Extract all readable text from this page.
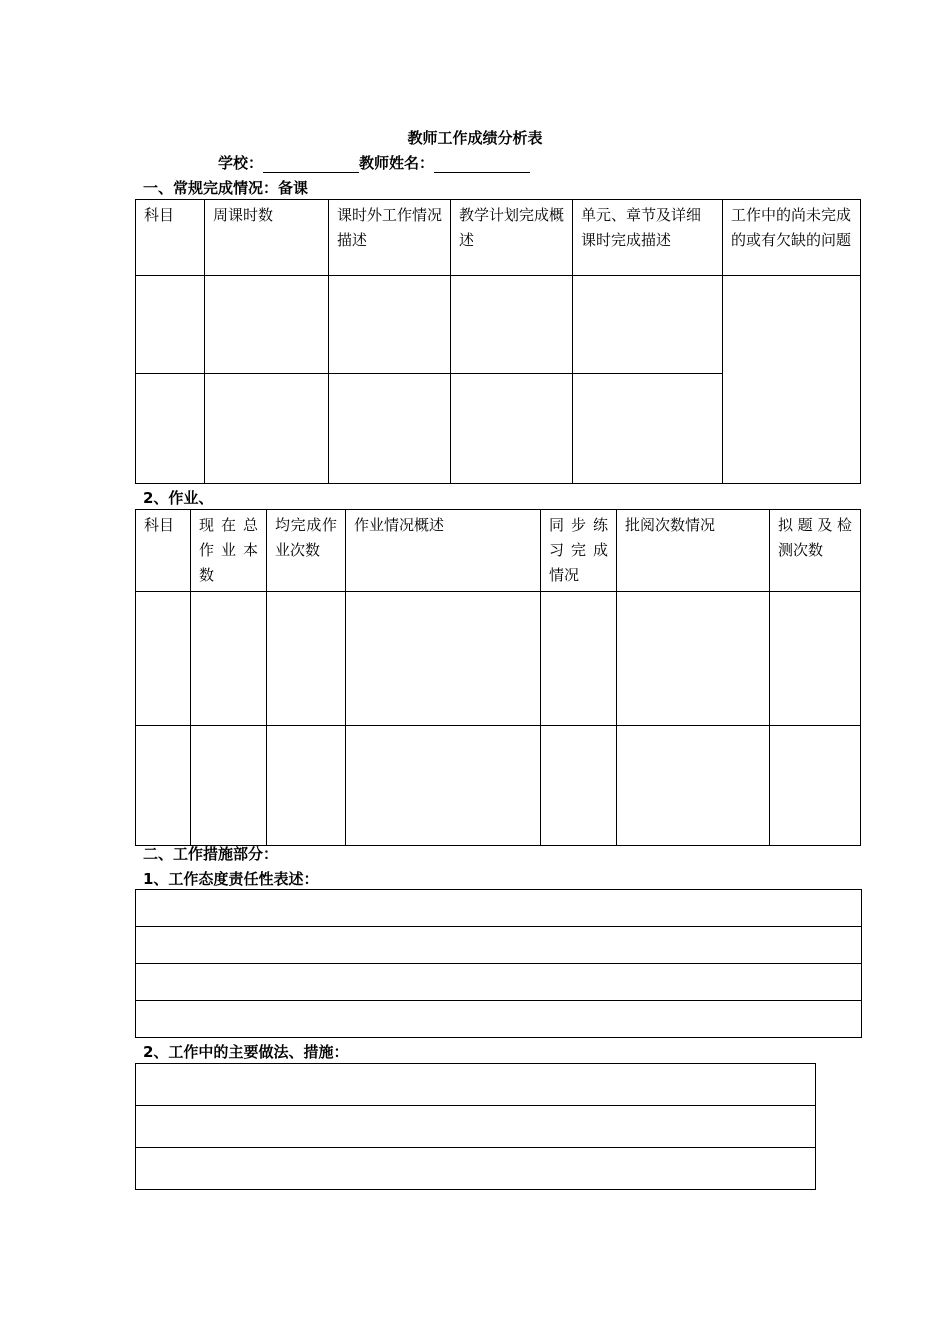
教师工作成绩分析表
学校：	教师姓名：
一、常规完成情况：备课
科目	周课时数	课时外工作情况描述	教学计划完成概述	单元、章节及详细课时完成描述	工作中的尚未完成的或有欠缺的问题

2、作业、
科目	现在总作业本数	均完成作业次数	作业情况概述	同步练习完成情况	批阅次数情况	拟题及检测次数

二、工作措施部分：
1、工作态度责任性表述：

2、工作中的主要做法、措施：
